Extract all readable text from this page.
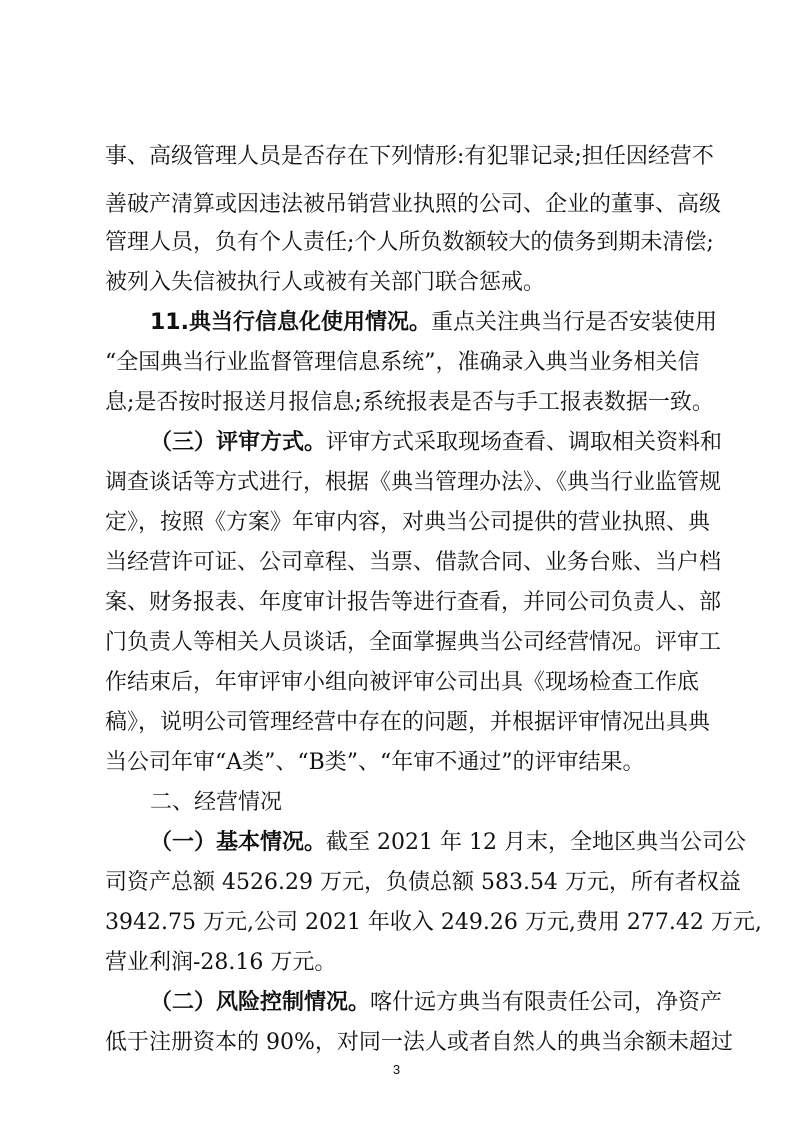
事、高级管理人员是否存在下列情形:有犯罪记录;担任因经营不
善破产清算或因违法被吊销营业执照的公司、企业的董事、高级
管理人员，负有个人责任;个人所负数额较大的债务到期未清偿;
被列入失信被执行人或被有关部门联合惩戒。
11.典当行信息化使用情况。重点关注典当行是否安装使用
“全国典当行业监督管理信息系统”，准确录入典当业务相关信
息;是否按时报送月报信息;系统报表是否与手工报表数据一致。
（三）评审方式。评审方式采取现场查看、调取相关资料和
调查谈话等方式进行，根据《典当管理办法》、《典当行业监管规
定》，按照《方案》年审内容，对典当公司提供的营业执照、典
当经营许可证、公司章程、当票、借款合同、业务台账、当户档
案、财务报表、年度审计报告等进行查看，并同公司负责人、部
门负责人等相关人员谈话，全面掌握典当公司经营情况。评审工
作结束后，年审评审小组向被评审公司出具《现场检查工作底
稿》，说明公司管理经营中存在的问题，并根据评审情况出具典
当公司年审“A类”、“B类”、“年审不通过”的评审结果。
二、经营情况
（一）基本情况。截至 2021 年 12 月末，全地区典当公司公
司资产总额 4526.29 万元，负债总额 583.54 万元，所有者权益
3942.75 万元,公司 2021 年收入 249.26 万元,费用 277.42 万元,
营业利润-28.16 万元。
（二）风险控制情况。喀什远方典当有限责任公司，净资产
低于注册资本的 90%，对同一法人或者自然人的典当余额未超过
3
